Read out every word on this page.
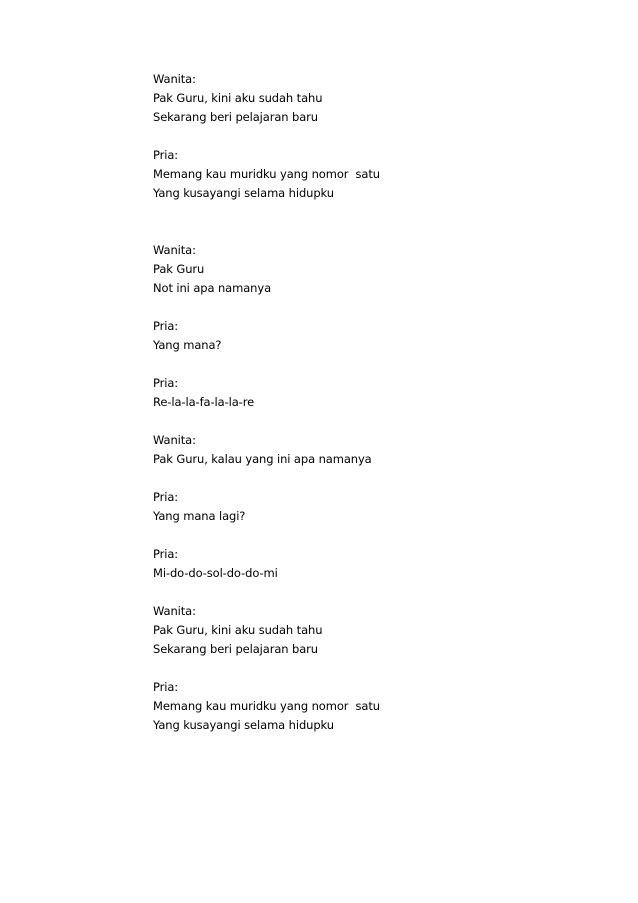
Wanita:
Pak Guru, kini aku sudah tahu
Sekarang beri pelajaran baru
Pria:
Memang kau muridku yang nomor  satu
Yang kusayangi selama hidupku
Wanita:
Pak Guru
Not ini apa namanya
Pria:
Yang mana?
Pria:
Re-la-la-fa-la-la-re
Wanita:
Pak Guru, kalau yang ini apa namanya
Pria:
Yang mana lagi?
Pria:
Mi-do-do-sol-do-do-mi
Wanita:
Pak Guru, kini aku sudah tahu
Sekarang beri pelajaran baru
Pria:
Memang kau muridku yang nomor  satu
Yang kusayangi selama hidupku
